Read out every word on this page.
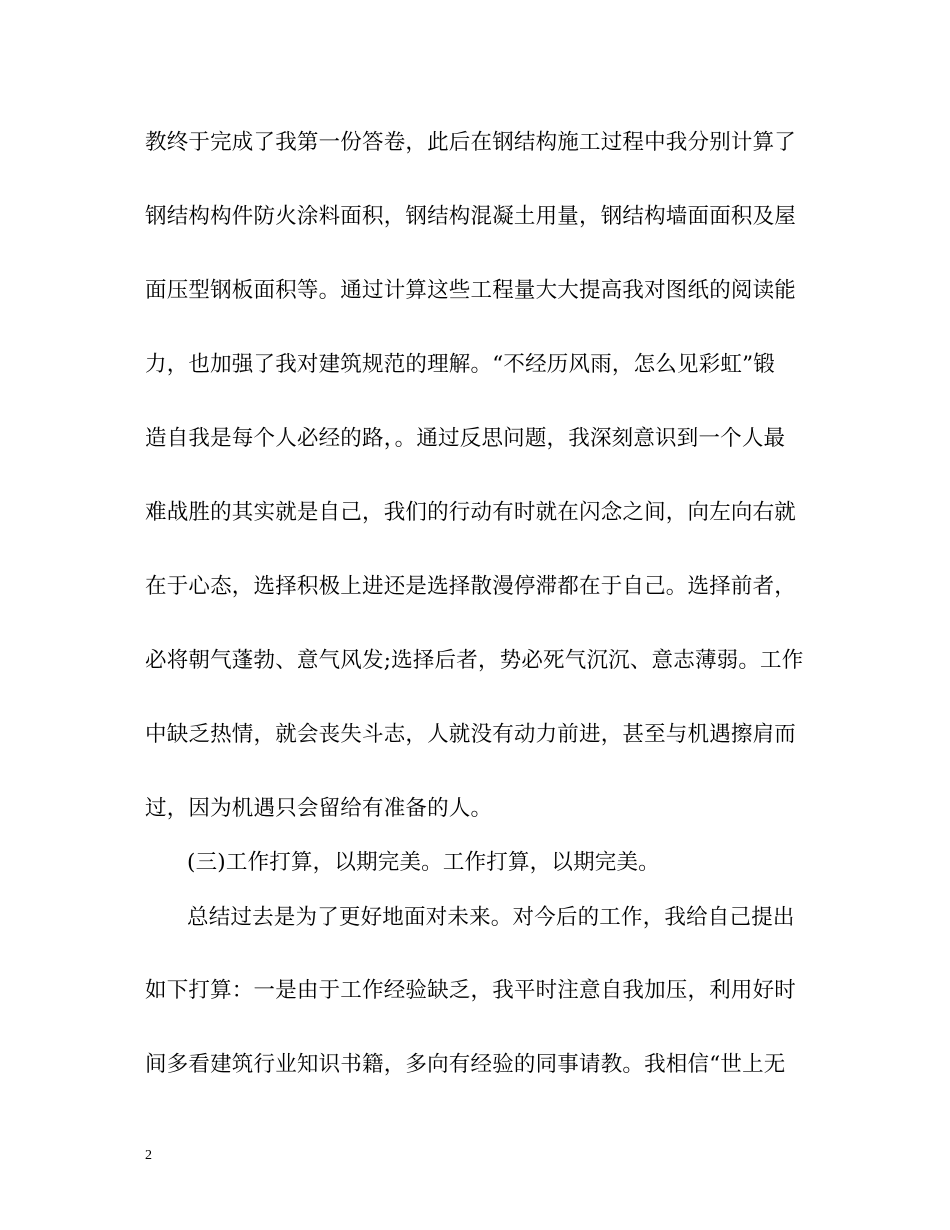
教终于完成了我第一份答卷，此后在钢结构施工过程中我分别计算了
钢结构构件防火涂料面积，钢结构混凝土用量，钢结构墙面面积及屋
面压型钢板面积等。通过计算这些工程量大大提高我对图纸的阅读能
力，也加强了我对建筑规范的理解。“不经历风雨，怎么见彩虹”锻
造自我是每个人必经的路，。通过反思问题，我深刻意识到一个人最
难战胜的其实就是自己，我们的行动有时就在闪念之间，向左向右就
在于心态，选择积极上进还是选择散漫停滞都在于自己。选择前者，
必将朝气蓬勃、意气风发;选择后者，势必死气沉沉、意志薄弱。工作
中缺乏热情，就会丧失斗志，人就没有动力前进，甚至与机遇擦肩而
过，因为机遇只会留给有准备的人。
(三)工作打算，以期完美。工作打算，以期完美。
总结过去是为了更好地面对未来。对今后的工作，我给自己提出
如下打算：一是由于工作经验缺乏，我平时注意自我加压，利用好时
间多看建筑行业知识书籍，多向有经验的同事请教。我相信“世上无
2
